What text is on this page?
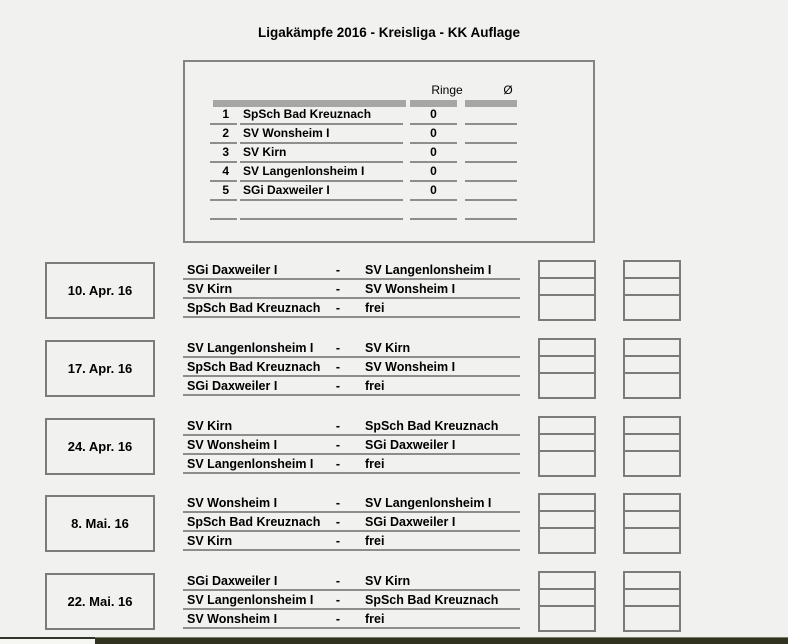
Ligakämpfe 2016 - Kreisliga - KK Auflage
Ringe	Ø
1	SpSch Bad Kreuznach	0
2	SV Wonsheim I	0
3	SV Kirn	0
4	SV Langenlonsheim I	0
5	SGi Daxweiler I	0
10. Apr. 16
SGi Daxweiler I	-	SV Langenlonsheim I
SV Kirn	-	SV Wonsheim I
SpSch Bad Kreuznach	-	frei
17. Apr. 16
SV Langenlonsheim I	-	SV Kirn
SpSch Bad Kreuznach	-	SV Wonsheim I
SGi Daxweiler I	-	frei
24. Apr. 16
SV Kirn	-	SpSch Bad Kreuznach
SV Wonsheim I	-	SGi Daxweiler I
SV Langenlonsheim I	-	frei
8. Mai. 16
SV Wonsheim I	-	SV Langenlonsheim I
SpSch Bad Kreuznach	-	SGi Daxweiler I
SV Kirn	-	frei
22. Mai. 16
SGi Daxweiler I	-	SV Kirn
SV Langenlonsheim I	-	SpSch Bad Kreuznach
SV Wonsheim I	-	frei
